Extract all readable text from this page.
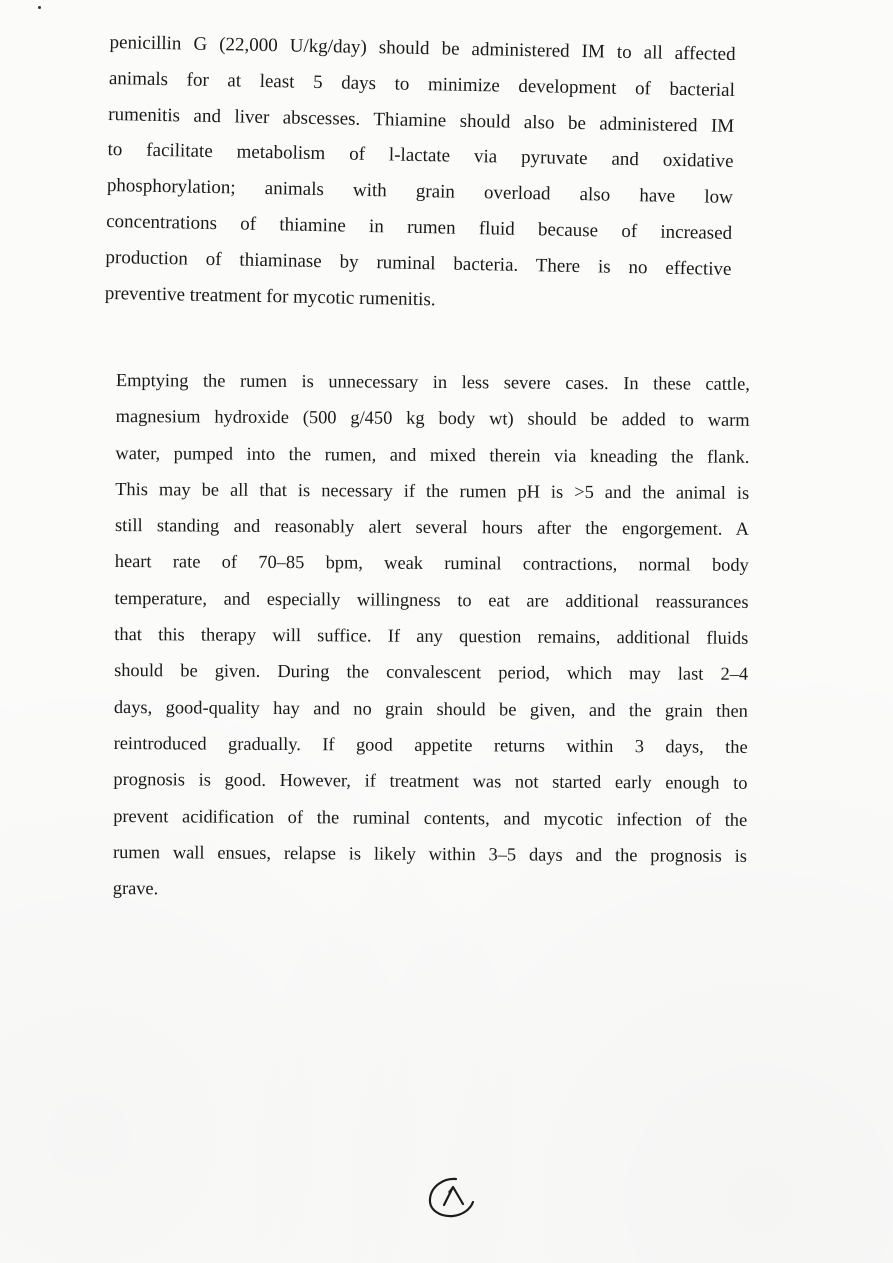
penicillin G (22,000 U/kg/day) should be administered IM to all affected
animals for at least 5 days to minimize development of bacterial
rumenitis and liver abscesses. Thiamine should also be administered IM
to facilitate metabolism of l-lactate via pyruvate and oxidative
phosphorylation; animals with grain overload also have low
concentrations of thiamine in rumen fluid because of increased
production of thiaminase by ruminal bacteria. There is no effective
preventive treatment for mycotic rumenitis.
Emptying the rumen is unnecessary in less severe cases. In these cattle,
magnesium hydroxide (500 g/450 kg body wt) should be added to warm
water, pumped into the rumen, and mixed therein via kneading the flank.
This may be all that is necessary if the rumen pH is >5 and the animal is
still standing and reasonably alert several hours after the engorgement. A
heart rate of 70–85 bpm, weak ruminal contractions, normal body
temperature, and especially willingness to eat are additional reassurances
that this therapy will suffice. If any question remains, additional fluids
should be given. During the convalescent period, which may last 2–4
days, good-quality hay and no grain should be given, and the grain then
reintroduced gradually. If good appetite returns within 3 days, the
prognosis is good. However, if treatment was not started early enough to
prevent acidification of the ruminal contents, and mycotic infection of the
rumen wall ensues, relapse is likely within 3–5 days and the prognosis is
grave.
